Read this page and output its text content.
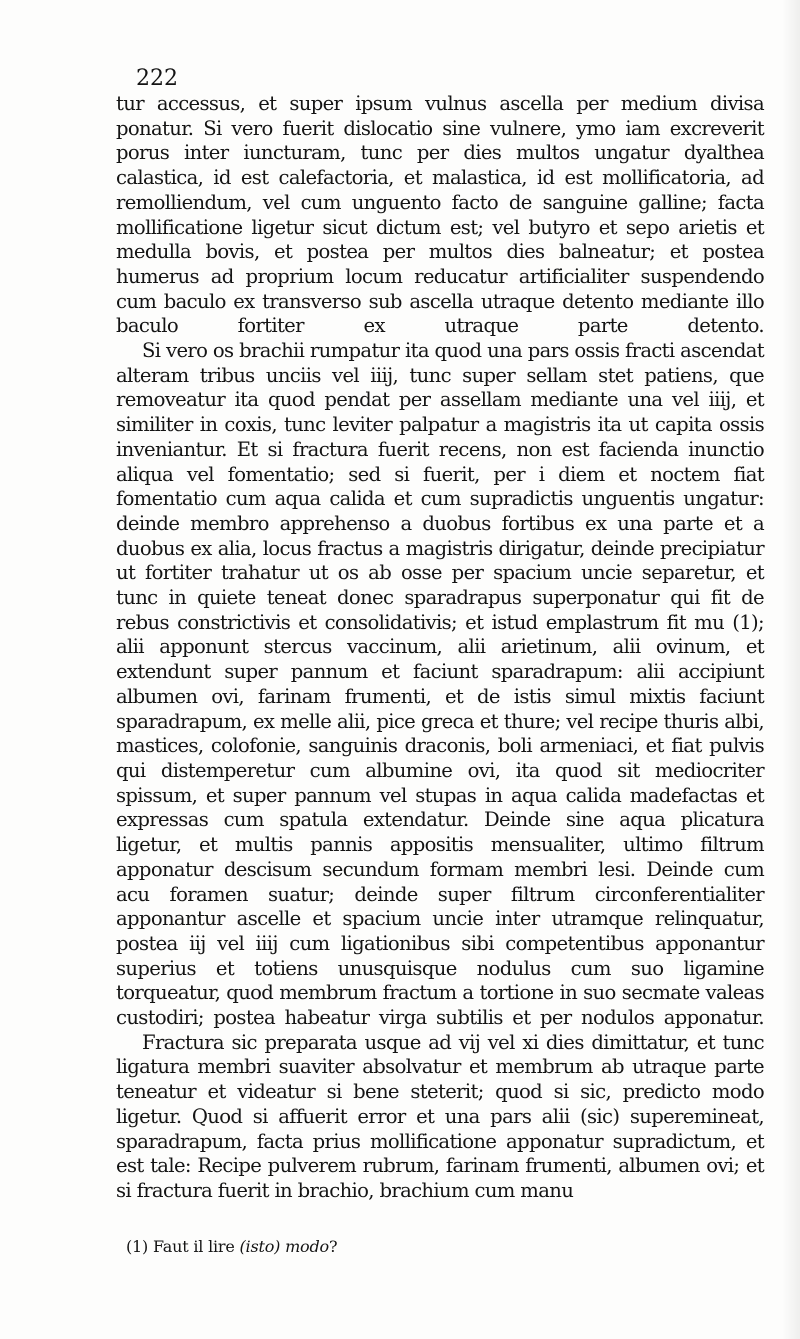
222

tur accessus, et super ipsum vulnus ascella per medium divisa ponatur. Si vero fuerit dislocatio sine vulnere, ymo iam excreverit porus inter iuncturam, tunc per dies multos ungatur dyalthea calastica, id est calefactoria, et malastica, id est mollificatoria, ad remolliendum, vel cum unguento facto de sanguine galline; facta mollificatione ligetur sicut dictum est; vel butyro et sepo arietis et medulla bovis, et postea per multos dies balneatur; et postea humerus ad proprium locum reducatur artificialiter suspendendo cum baculo ex transverso sub ascella utraque detento mediante illo baculo fortiter ex utraque parte detento.

Si vero os brachii rumpatur ita quod una pars ossis fracti ascendat alteram tribus unciis vel iiij, tunc super sellam stet patiens, que removeatur ita quod pendat per assellam mediante una vel iiij, et similiter in coxis, tunc leviter palpatur a magistris ita ut capita ossis inveniantur. Et si fractura fuerit recens, non est facienda inunctio aliqua vel fomentatio; sed si fuerit, per i diem et noctem fiat fomentatio cum aqua calida et cum supradictis unguentis ungatur: deinde membro apprehenso a duobus fortibus ex una parte et a duobus ex alia, locus fractus a magistris dirigatur, deinde precipiatur ut fortiter trahatur ut os ab osse per spacium uncie separetur, et tunc in quiete teneat donec sparadrapus superponatur qui fit de rebus constrictivis et consolidativis; et istud emplastrum fit mu (1); alii apponunt stercus vaccinum, alii arietinum, alii ovinum, et extendunt super pannum et faciunt sparadrapum: alii accipiunt albumen ovi, farinam frumenti, et de istis simul mixtis faciunt sparadrapum, ex melle alii, pice greca et thure; vel recipe thuris albi, mastices, colofonie, sanguinis draconis, boli armeniaci, et fiat pulvis qui distemperetur cum albumine ovi, ita quod sit mediocriter spissum, et super pannum vel stupas in aqua calida madefactas et expressas cum spatula extendatur. Deinde sine aqua plicatura ligetur, et multis pannis appositis mensualiter, ultimo filtrum apponatur descisum secundum formam membri lesi. Deinde cum acu foramen suatur; deinde super filtrum circonferentialiter apponantur ascelle et spacium uncie inter utramque relinquatur, postea iij vel iiij cum ligationibus sibi competentibus apponantur superius et totiens unusquisque nodulus cum suo ligamine torqueatur, quod membrum fractum a tortione in suo secmate valeas custodiri; postea habeatur virga subtilis et per nodulos apponatur.

Fractura sic preparata usque ad vij vel xi dies dimittatur, et tunc ligatura membri suaviter absolvatur et membrum ab utraque parte teneatur et videatur si bene steterit; quod si sic, predicto modo ligetur. Quod si affuerit error et una pars alii (sic) superemineat, sparadrapum, facta prius mollificatione apponatur supradictum, et est tale: Recipe pulverem rubrum, farinam frumenti, albumen ovi; et si fractura fuerit in brachio, brachium cum manu

(1) Faut il lire (isto) modo?
